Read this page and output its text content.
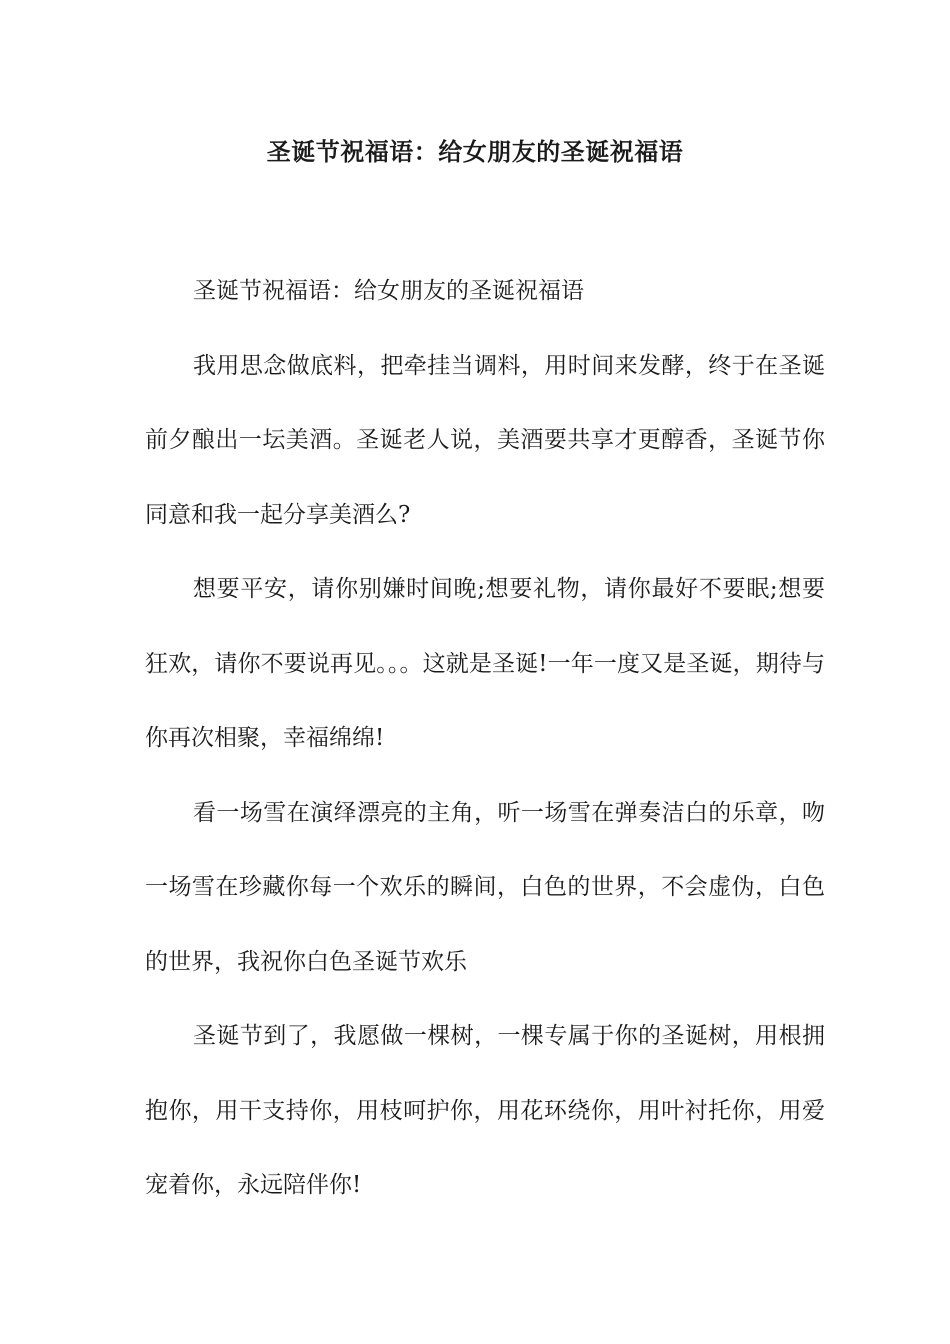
圣诞节祝福语：给女朋友的圣诞祝福语

圣诞节祝福语：给女朋友的圣诞祝福语

我用思念做底料，把牵挂当调料，用时间来发酵，终于在圣诞前夕酿出一坛美酒。圣诞老人说，美酒要共享才更醇香，圣诞节你同意和我一起分享美酒么?

想要平安，请你别嫌时间晚;想要礼物，请你最好不要眠;想要狂欢，请你不要说再见。。。这就是圣诞!一年一度又是圣诞，期待与你再次相聚，幸福绵绵!

看一场雪在演绎漂亮的主角，听一场雪在弹奏洁白的乐章，吻一场雪在珍藏你每一个欢乐的瞬间，白色的世界，不会虚伪，白色的世界，我祝你白色圣诞节欢乐

圣诞节到了，我愿做一棵树，一棵专属于你的圣诞树，用根拥抱你，用干支持你，用枝呵护你，用花环绕你，用叶衬托你，用爱宠着你，永远陪伴你!
